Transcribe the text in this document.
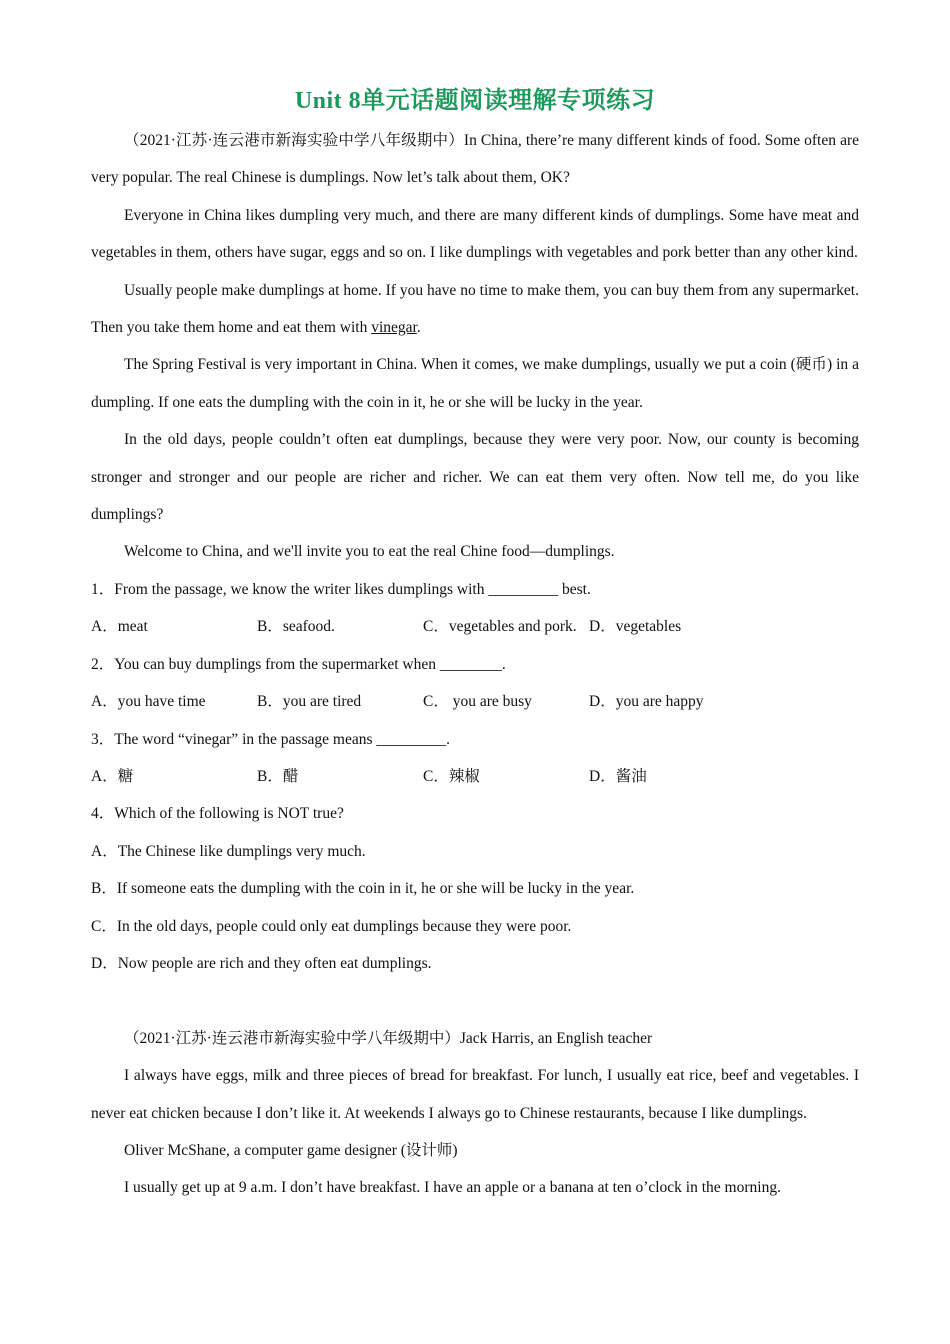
Unit 8单元话题阅读理解专项练习

（2021·江苏·连云港市新海实验中学八年级期中）In China, there’re many different kinds of food. Some often are very popular. The real Chinese is dumplings. Now let’s talk about them, OK?

Everyone in China likes dumpling very much, and there are many different kinds of dumplings. Some have meat and vegetables in them, others have sugar, eggs and so on. I like dumplings with vegetables and pork better than any other kind.

Usually people make dumplings at home. If you have no time to make them, you can buy them from any supermarket. Then you take them home and eat them with vinegar.

The Spring Festival is very important in China. When it comes, we make dumplings, usually we put a coin (硬币) in a dumpling. If one eats the dumpling with the coin in it, he or she will be lucky in the year.

In the old days, people couldn’t often eat dumplings, because they were very poor. Now, our county is becoming stronger and stronger and our people are richer and richer. We can eat them very often. Now tell me, do you like dumplings?

Welcome to China, and we'll invite you to eat the real Chine food—dumplings.

1．From the passage, we know the writer likes dumplings with _________ best.

A．meat	B．seafood.	C．vegetables and pork. D．vegetables

2．You can buy dumplings from the supermarket when ________.

A．you have time	B．you are tired	C． you are busy	D．you are happy

3．The word “vinegar” in the passage means _________.

A．糖	B．醋	C．辣椒	D．酱油

4．Which of the following is NOT true?

A．The Chinese like dumplings very much.

B．If someone eats the dumpling with the coin in it, he or she will be lucky in the year.

C．In the old days, people could only eat dumplings because they were poor.

D．Now people are rich and they often eat dumplings.

（2021·江苏·连云港市新海实验中学八年级期中）Jack Harris, an English teacher

I always have eggs, milk and three pieces of bread for breakfast. For lunch, I usually eat rice, beef and vegetables. I never eat chicken because I don’t like it. At weekends I always go to Chinese restaurants, because I like dumplings.

Oliver McShane, a computer game designer (设计师)

I usually get up at 9 a.m. I don’t have breakfast. I have an apple or a banana at ten o’clock in the morning.
